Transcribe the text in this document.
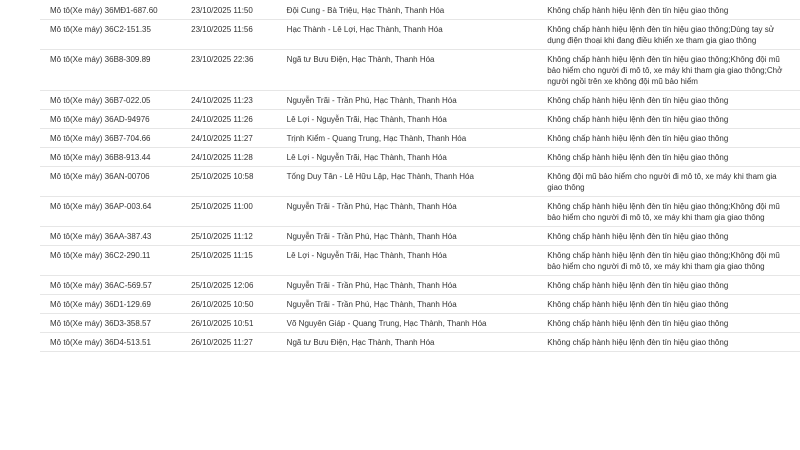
Mô tô(Xe máy) 36MĐ1-687.60	23/10/2025 11:50	Đội Cung - Bà Triệu, Hạc Thành, Thanh Hóa	Không chấp hành hiệu lệnh đèn tín hiệu giao thông
Mô tô(Xe máy) 36C2-151.35	23/10/2025 11:56	Hạc Thành - Lê Lợi, Hạc Thành, Thanh Hóa	Không chấp hành hiệu lệnh đèn tín hiệu giao thông;Dùng tay sử dụng điện thoại khi đang điều khiển xe tham gia giao thông
Mô tô(Xe máy) 36B8-309.89	23/10/2025 22:36	Ngã tư Bưu Điện, Hạc Thành, Thanh Hóa	Không chấp hành hiệu lệnh đèn tín hiệu giao thông;Không đội mũ bảo hiểm cho người đi mô tô, xe máy khi tham gia giao thông;Chở người ngồi trên xe không đội mũ bảo hiểm
Mô tô(Xe máy) 36B7-022.05	24/10/2025 11:23	Nguyễn Trãi - Trần Phú, Hạc Thành, Thanh Hóa	Không chấp hành hiệu lệnh đèn tín hiệu giao thông
Mô tô(Xe máy) 36AD-94976	24/10/2025 11:26	Lê Lợi - Nguyễn Trãi, Hạc Thành, Thanh Hóa	Không chấp hành hiệu lệnh đèn tín hiệu giao thông
Mô tô(Xe máy) 36B7-704.66	24/10/2025 11:27	Trịnh Kiểm - Quang Trung, Hạc Thành, Thanh Hóa	Không chấp hành hiệu lệnh đèn tín hiệu giao thông
Mô tô(Xe máy) 36B8-913.44	24/10/2025 11:28	Lê Lợi - Nguyễn Trãi, Hạc Thành, Thanh Hóa	Không chấp hành hiệu lệnh đèn tín hiệu giao thông
Mô tô(Xe máy) 36AN-00706	25/10/2025 10:58	Tống Duy Tân - Lê Hữu Lập, Hạc Thành, Thanh Hóa	Không đội mũ bảo hiểm cho người đi mô tô, xe máy khi tham gia giao thông
Mô tô(Xe máy) 36AP-003.64	25/10/2025 11:00	Nguyễn Trãi - Trần Phú, Hạc Thành, Thanh Hóa	Không chấp hành hiệu lệnh đèn tín hiệu giao thông;Không đội mũ bảo hiểm cho người đi mô tô, xe máy khi tham gia giao thông
Mô tô(Xe máy) 36AA-387.43	25/10/2025 11:12	Nguyễn Trãi - Trần Phú, Hạc Thành, Thanh Hóa	Không chấp hành hiệu lệnh đèn tín hiệu giao thông
Mô tô(Xe máy) 36C2-290.11	25/10/2025 11:15	Lê Lợi - Nguyễn Trãi, Hạc Thành, Thanh Hóa	Không chấp hành hiệu lệnh đèn tín hiệu giao thông;Không đội mũ bảo hiểm cho người đi mô tô, xe máy khi tham gia giao thông
Mô tô(Xe máy) 36AC-569.57	25/10/2025 12:06	Nguyễn Trãi - Trần Phú, Hạc Thành, Thanh Hóa	Không chấp hành hiệu lệnh đèn tín hiệu giao thông
Mô tô(Xe máy) 36D1-129.69	26/10/2025 10:50	Nguyễn Trãi - Trần Phú, Hạc Thành, Thanh Hóa	Không chấp hành hiệu lệnh đèn tín hiệu giao thông
Mô tô(Xe máy) 36D3-358.57	26/10/2025 10:51	Võ Nguyên Giáp - Quang Trung, Hạc Thành, Thanh Hóa	Không chấp hành hiệu lệnh đèn tín hiệu giao thông
Mô tô(Xe máy) 36D4-513.51	26/10/2025 11:27	Ngã tư Bưu Điện, Hạc Thành, Thanh Hóa	Không chấp hành hiệu lệnh đèn tín hiệu giao thông
